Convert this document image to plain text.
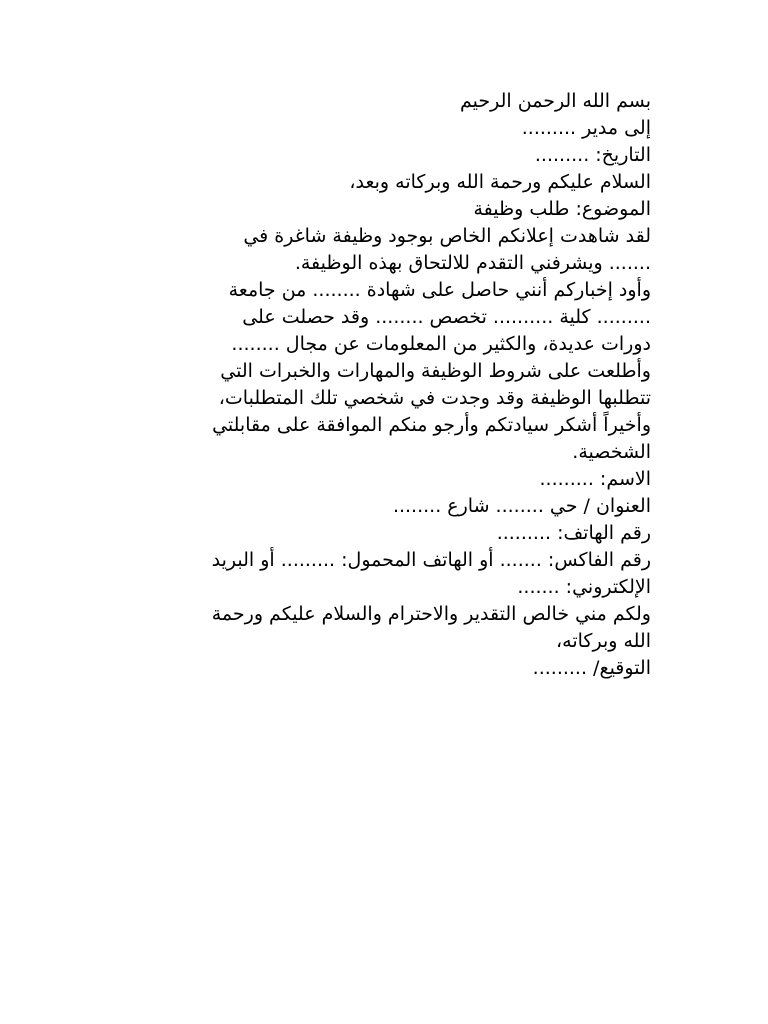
بسم الله الرحمن الرحيم

إلى مدير .........

التاريخ: .........

السلام عليكم ورحمة الله وبركاته وبعد،

الموضوع: طلب وظيفة

لقد شاهدت إعلانكم الخاص بوجود وظيفة شاغرة في

....... ويشرفني التقدم للالتحاق بهذه الوظيفة.

وأود إخباركم أنني حاصل على شهادة ........ من جامعة

......... كلية .......... تخصص ........ وقد حصلت على

دورات عديدة، والكثير من المعلومات عن مجال ........

وأطلعت على شروط الوظيفة والمهارات والخبرات التي

تتطلبها الوظيفة وقد وجدت في شخصي تلك المتطلبات،

وأخيراً أشكر سيادتكم وأرجو منكم الموافقة على مقابلتي

الشخصية.

الاسم: .........

العنوان / حي ........ شارع ........

رقم الهاتف: .........

رقم الفاكس: ....... أو الهاتف المحمول: ......... أو البريد

الإلكتروني: .......

ولكم مني خالص التقدير والاحترام والسلام عليكم ورحمة

الله وبركاته،

التوقيع/ .........
